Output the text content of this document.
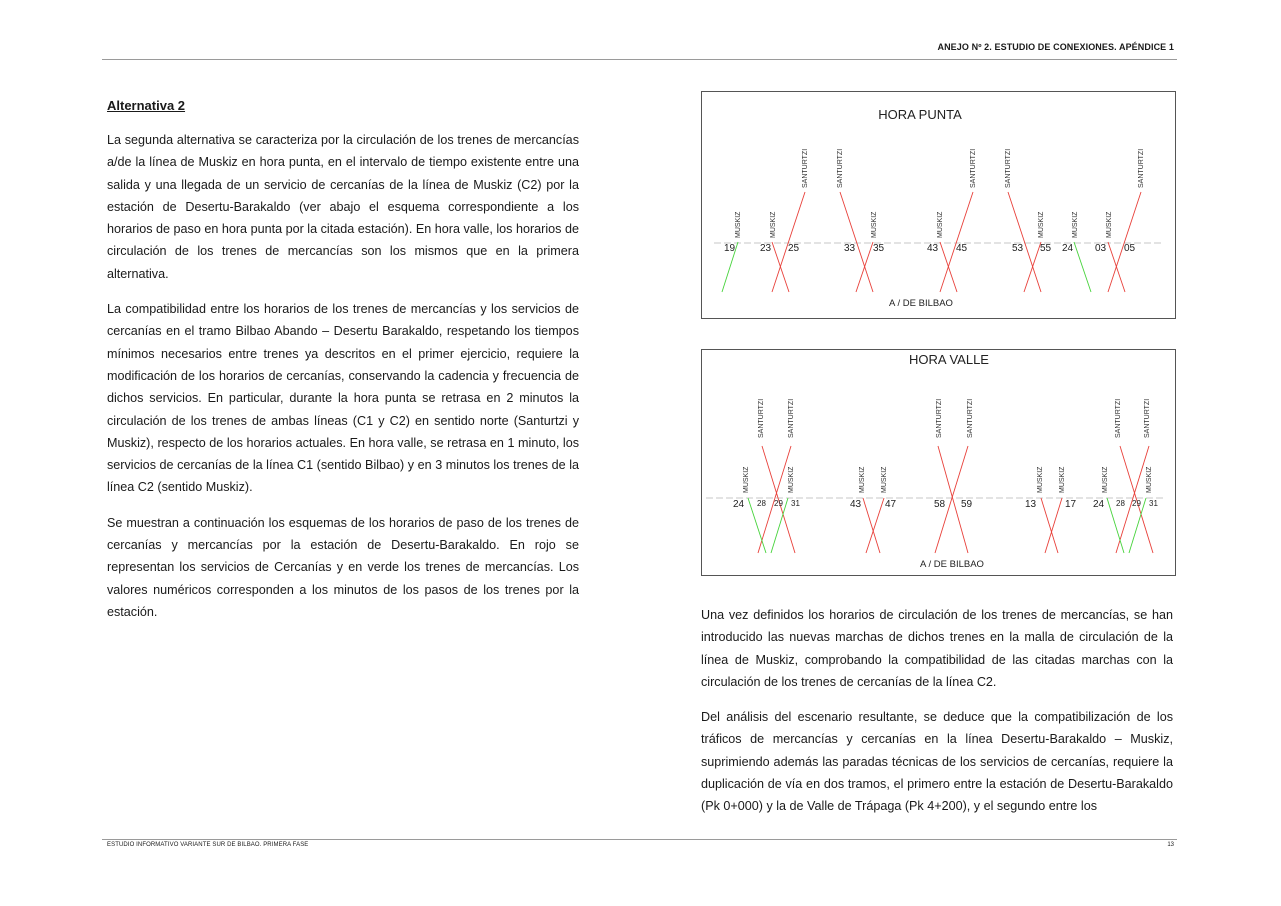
ANEJO Nº 2. ESTUDIO DE CONEXIONES. APÉNDICE 1
Alternativa 2

La segunda alternativa se caracteriza por la circulación de los trenes de mercancías a/de la línea de Muskiz en hora punta, en el intervalo de tiempo existente entre una salida y una llegada de un servicio de cercanías de la línea de Muskiz (C2) por la estación de Desertu-Barakaldo (ver abajo el esquema correspondiente a los horarios de paso en hora punta por la citada estación). En hora valle, los horarios de circulación de los trenes de mercancías son los mismos que en la primera alternativa.

La compatibilidad entre los horarios de los trenes de mercancías y los servicios de cercanías en el tramo Bilbao Abando – Desertu Barakaldo, respetando los tiempos mínimos necesarios entre trenes ya descritos en el primer ejercicio, requiere la modificación de los horarios de cercanías, conservando la cadencia y frecuencia de dichos servicios. En particular, durante la hora punta se retrasa en 2 minutos la circulación de los trenes de ambas líneas (C1 y C2) en sentido norte (Santurtzi y Muskiz), respecto de los horarios actuales. En hora valle, se retrasa en 1 minuto, los servicios de cercanías de la línea C1 (sentido Bilbao) y en 3 minutos los trenes de la línea C2 (sentido Muskiz).

Se muestran a continuación los esquemas de los horarios de paso de los trenes de cercanías y mercancías por la estación de Desertu-Barakaldo. En rojo se representan los servicios de Cercanías y en verde los trenes de mercancías. Los valores numéricos corresponden a los minutos de los pasos de los trenes por la estación.

HORA PUNTA
MUSKIZ
19
MUSKIZ
SANTURTZI
23 25
SANTURTZI
MUSKIZ
33 35
MUSKIZ
SANTURTZI
43 45
SANTURTZI
MUSKIZ	MUSKIZ
53 55 24
MUSKIZ
SANTURTZI
03 05
A / DE BILBAO
HORA VALLE
MUSKIZ	MUSKIZ
SANTURTZI	SANTURTZI
24 28 29 31
MUSKIZ MUSKIZ
43 47
SANTURTZI	SANTURTZI
58 59
MUSKIZ MUSKIZ
13	17
MUSKIZ	MUSKIZ
SANTURTZI	SANTURTZI
24 28 29 31
A / DE BILBAO

Una vez definidos los horarios de circulación de los trenes de mercancías, se han introducido las nuevas marchas de dichos trenes en la malla de circulación de la línea de Muskiz, comprobando la compatibilidad de las citadas marchas con la circulación de los trenes de cercanías de la línea C2.

Del análisis del escenario resultante, se deduce que la compatibilización de los tráficos de mercancías y cercanías en la línea Desertu-Barakaldo – Muskiz, suprimiendo además las paradas técnicas de los servicios de cercanías, requiere la duplicación de vía en dos tramos, el primero entre la estación de Desertu-Barakaldo (Pk 0+000) y la de Valle de Trápaga (Pk 4+200), y el segundo entre los

ESTUDIO INFORMATIVO VARIANTE SUR DE BILBAO. PRIMERA FASE	13
